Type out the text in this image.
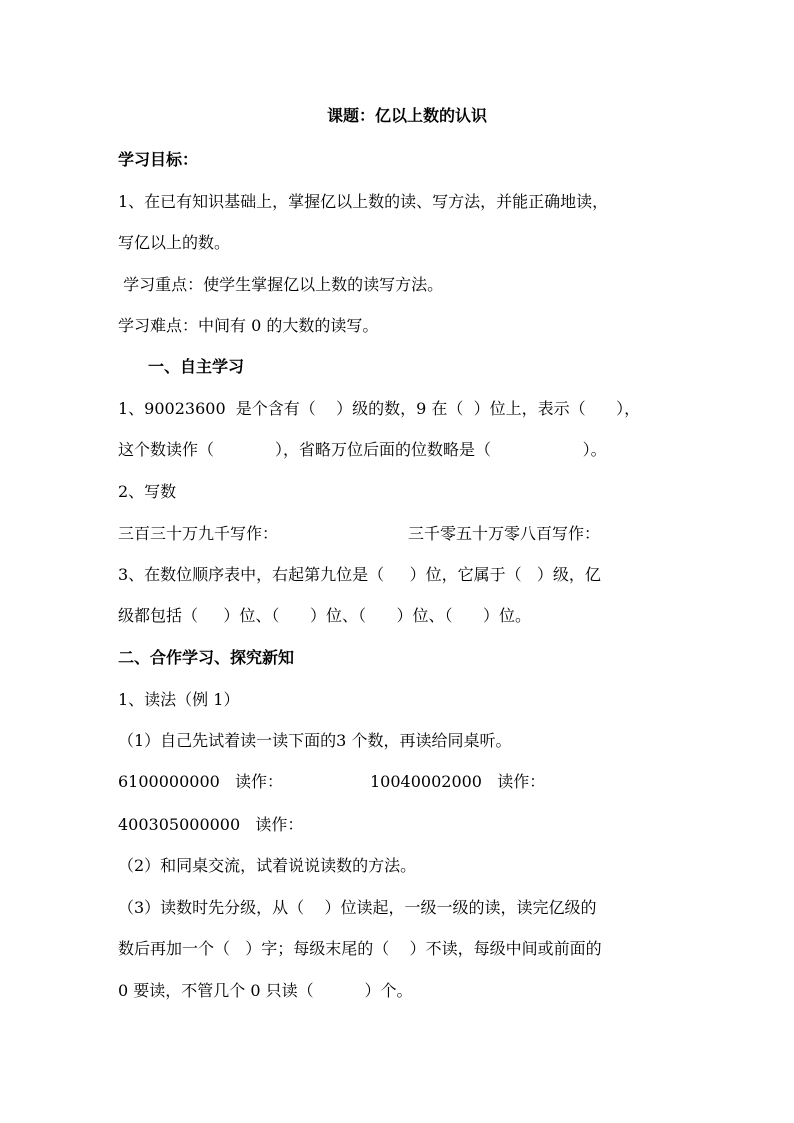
课题：亿以上数的认识
学习目标：
1、在已有知识基础上，掌握亿以上数的读、写方法，并能正确地读，
写亿以上的数。
学习重点：使学生掌握亿以上数的读写方法。
学习难点：中间有 0 的大数的读写。
一、自主学习
1、90023600  是个含有（    ）级的数，9 在（  ）位上，表示（      ），
这个数读作（            ），省略万位后面的位数略是（                  ）。
2、写数
三百三十万九千写作：	三千零五十万零八百写作：
3、在数位顺序表中，右起第九位是（     ）位，它属于（   ）级，亿
级都包括（     ）位、（      ）位、（      ）位、（      ）位。
二、合作学习、探究新知
1、读法（例 1）
（1）自己先试着读一读下面的3 个数，再读给同桌听。
6100000000   读作：	10040002000   读作：
400305000000   读作：
（2）和同桌交流，试着说说读数的方法。
（3）读数时先分级，从（    ）位读起，一级一级的读，读完亿级的
数后再加一个（   ）字；每级末尾的（    ）不读，每级中间或前面的
0 要读，不管几个 0 只读（          ）个。
